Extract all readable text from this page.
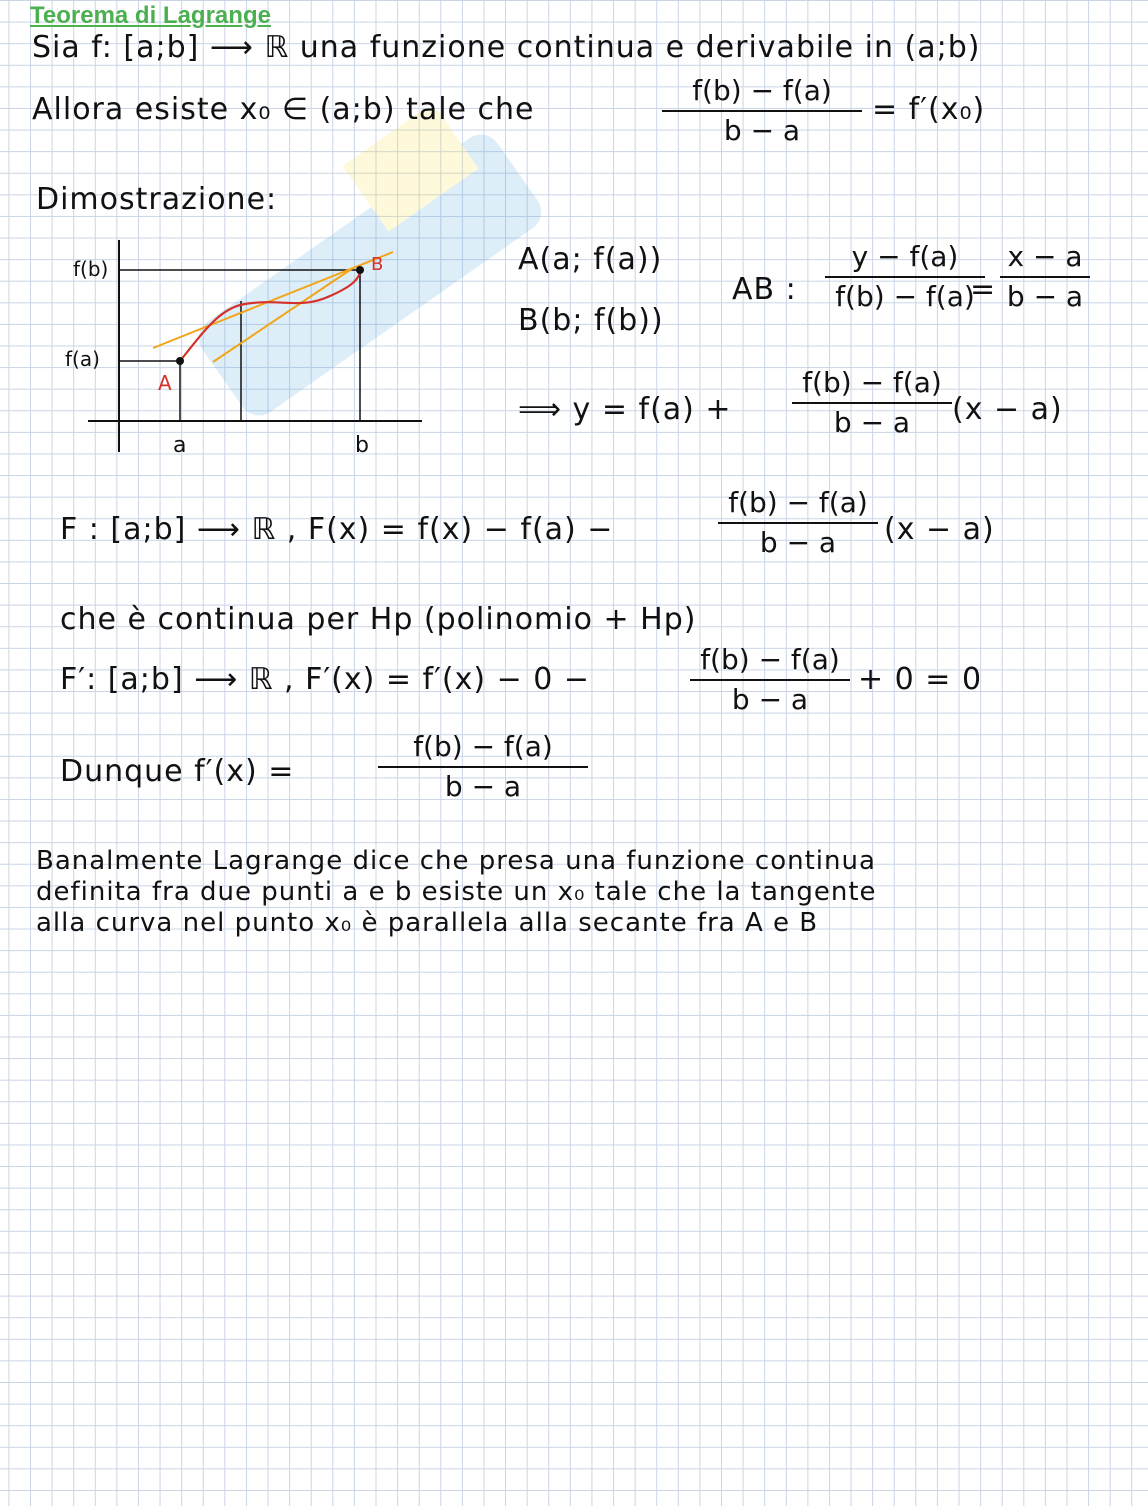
Teorema di Lagrange
Sia f: [a;b] ⟶ ℝ una funzione continua e derivabile in (a;b)
Allora esiste x₀ ∈ (a;b) tale che	$\frac{f(b) - f(a)}{b - a} = f'(x_0)$
Dimostrazione:
f(b)
f(a)
A
B
a	b
A(a; f(a))
B(b; f(b))
AB : $\frac{y - f(a)}{f(b) - f(a)}$
= $\frac{x - a}{b - a}$
⟹ $y = f(a) + \frac{f(b) - f(a)}{b - a} (x - a)$
F : [a;b] ⟶ ℝ , F(x) = f(x) − f(a) −	$\frac{f(b) - f(a)}{b - a} (x - a)$
che è continua per Hp (polinomio + Hp)
F′: [a;b] ⟶ ℝ , F′(x) = f′(x) − 0 −	$\frac{f(b) - f(a)}{b - a} + 0 = 0$
Dunque f′(x) =	$\frac{f(b) - f(a)}{b - a}$
Banalmente Lagrange dice che presa una funzione continua
definita fra due punti a e b esiste un x₀ tale che la tangente
alla curva nel punto x₀ è parallela alla secante fra A e B
